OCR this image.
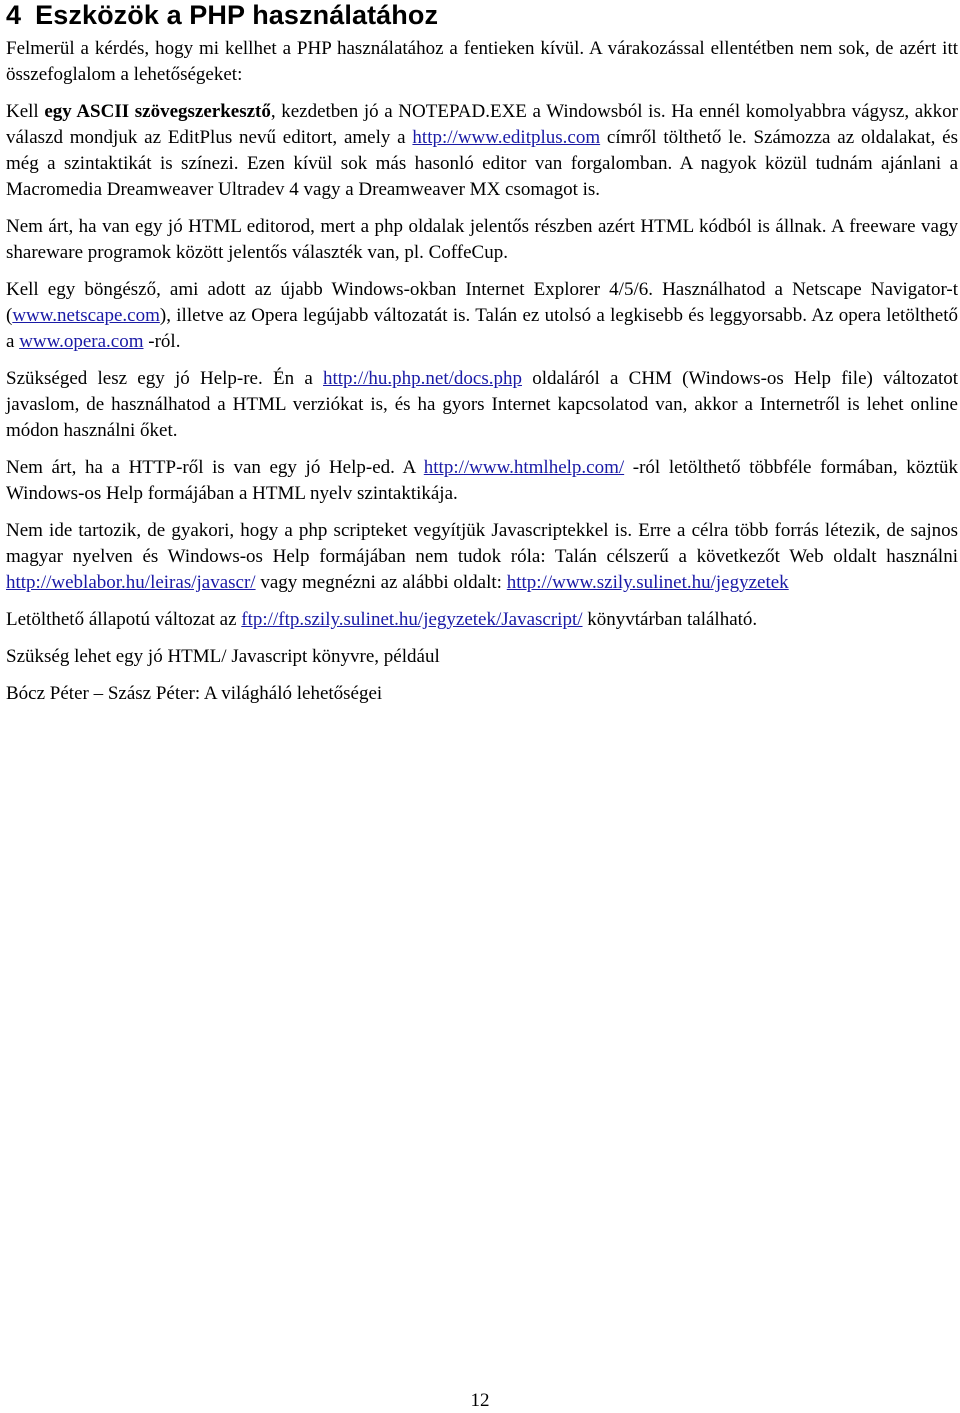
4 Eszközök a PHP használatához

Felmerül a kérdés, hogy mi kellhet a PHP használatához a fentieken kívül. A várakozással ellentétben nem sok, de azért itt összefoglalom a lehetőségeket:

Kell egy ASCII szövegszerkesztő, kezdetben jó a NOTEPAD.EXE a Windowsból is. Ha ennél komolyabbra vágysz, akkor válaszd mondjuk az EditPlus nevű editort, amely a http://www.editplus.com címről tölthető le. Számozza az oldalakat, és még a szintaktikát is színezi. Ezen kívül sok más hasonló editor van forgalomban. A nagyok közül tudnám ajánlani a Macromedia Dreamweaver Ultradev 4 vagy a Dreamweaver MX csomagot is.

Nem árt, ha van egy jó HTML editorod, mert a php oldalak jelentős részben azért HTML kódból is állnak. A freeware vagy shareware programok között jelentős választék van, pl. CoffeCup.

Kell egy böngésző, ami adott az újabb Windows-okban Internet Explorer 4/5/6. Használhatod a Netscape Navigator-t (www.netscape.com), illetve az Opera legújabb változatát is. Talán ez utolsó a legkisebb és leggyorsabb. Az opera letölthető a www.opera.com -ról.

Szükséged lesz egy jó Help-re. Én a http://hu.php.net/docs.php oldaláról a CHM (Windows-os Help file) változatot javaslom, de használhatod a HTML verziókat is, és ha gyors Internet kapcsolatod van, akkor a Internetről is lehet online módon használni őket.

Nem árt, ha a HTTP-ről is van egy jó Help-ed. A http://www.htmlhelp.com/ -ról letölthető többféle formában, köztük Windows-os Help formájában a HTML nyelv szintaktikája.

Nem ide tartozik, de gyakori, hogy a php scripteket vegyítjük Javascriptekkel is. Erre a célra több forrás létezik, de sajnos magyar nyelven és Windows-os Help formájában nem tudok róla: Talán célszerű a következőt Web oldalt használni http://weblabor.hu/leiras/javascr/ vagy megnézni az alábbi oldalt: http://www.szily.sulinet.hu/jegyzetek

Letölthető állapotú változat az ftp://ftp.szily.sulinet.hu/jegyzetek/Javascript/ könyvtárban található.

Szükség lehet egy jó HTML/ Javascript könyvre, például

Bócz Péter – Szász Péter: A világháló lehetőségei

12
